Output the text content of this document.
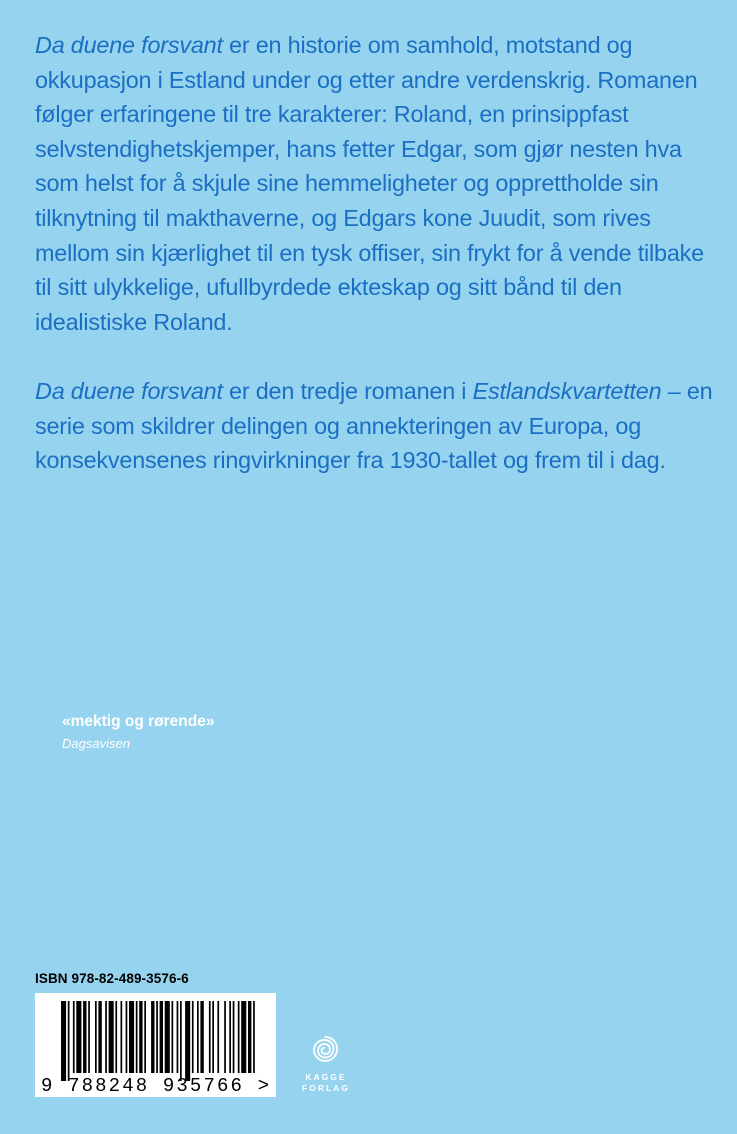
Da duene forsvant er en historie om samhold, motstand og okkupasjon i Estland under og etter andre verdenskrig. Romanen følger erfaringene til tre karakterer: Roland, en prinsippfast selvstendighetskjemper, hans fetter Edgar, som gjør nesten hva som helst for å skjule sine hemmeligheter og opprettholde sin tilknytning til makthaverne, og Edgars kone Juudit, som rives mellom sin kjærlighet til en tysk offiser, sin frykt for å vende tilbake til sitt ulykkelige, ufullbyrdede ekteskap og sitt bånd til den idealistiske Roland.

Da duene forsvant er den tredje romanen i Estlandskvartetten – en serie som skildrer delingen og annekteringen av Europa, og konsekvensenes ringvirkninger fra 1930-tallet og frem til i dag.

«mektig og rørende»
Dagsavisen
ISBN 978-82-489-3576-6
9 788248 935766 >	KAGGE
FORLAG
